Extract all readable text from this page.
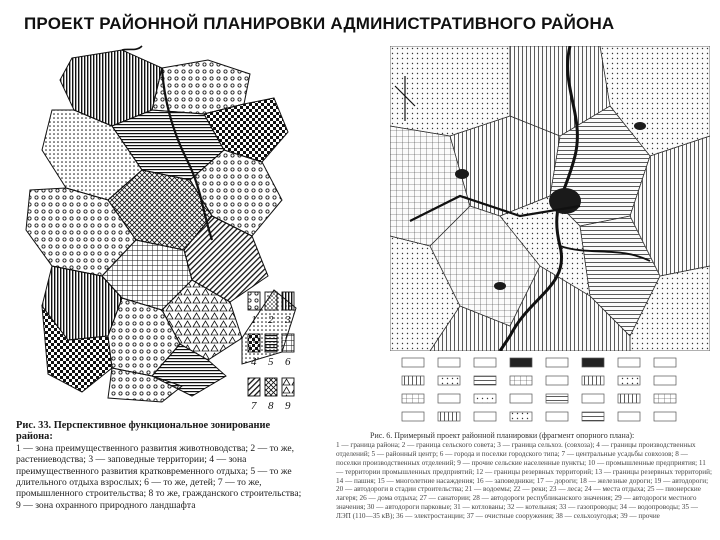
ПРОЕКТ РАЙОННОЙ ПЛАНИРОВКИ АДМИНИСТРАТИВНОГО РАЙОНА
1 2 3
4 5 6
7 8 9
Рис. 33. Перспективное функциональное зонирование района:
1 — зона преимущественного развития животноводства; 2 — то же, растениеводства; 3 — заповедные территории; 4 — зона преимущественного развития кратковременного отдыха; 5 — то же длительного отдыха взрослых; 6 — то же, детей; 7 — то же, промышленного строительства; 8 то же, гражданского строительства; 9 — зона охранного природного ландшафта
Рис. 6. Примерный проект районной планировки (фрагмент опорного плана):
1 — граница района; 2 — граница сельского совета; 3 — граница сельхоз. (совхоза); 4 — границы производственных отделений; 5 — районный центр; 6 — города и поселки городского типа; 7 — центральные усадьбы совхозов; 8 — поселки производственных отделений; 9 — прочие сельские населенные пункты; 10 — промышленные предприятия; 11 — территории промышленных предприятий; 12 — границы резервных территорий; 13 — границы резервных территорий; 14 — пашня; 15 — многолетние насаждения; 16 — заповедники; 17 — дороги; 18 — железные дороги; 19 — автодороги; 20 — автодороги в стадии строительства; 21 — водоемы; 22 — реки; 23 — леса; 24 — места отдыха; 25 — пионерские лагеря; 26 — дома отдыха; 27 — санатории; 28 — автодороги республиканского значения; 29 — автодороги местного значения; 30 — автодороги парковые; 31 — котлованы; 32 — котельная; 33 — газопроводы; 34 — водопроводы; 35 — ЛЭП (110—35 кВ); 36 — электростанции; 37 — очистные сооружения; 38 — сельхозугодья; 39 — прочие
